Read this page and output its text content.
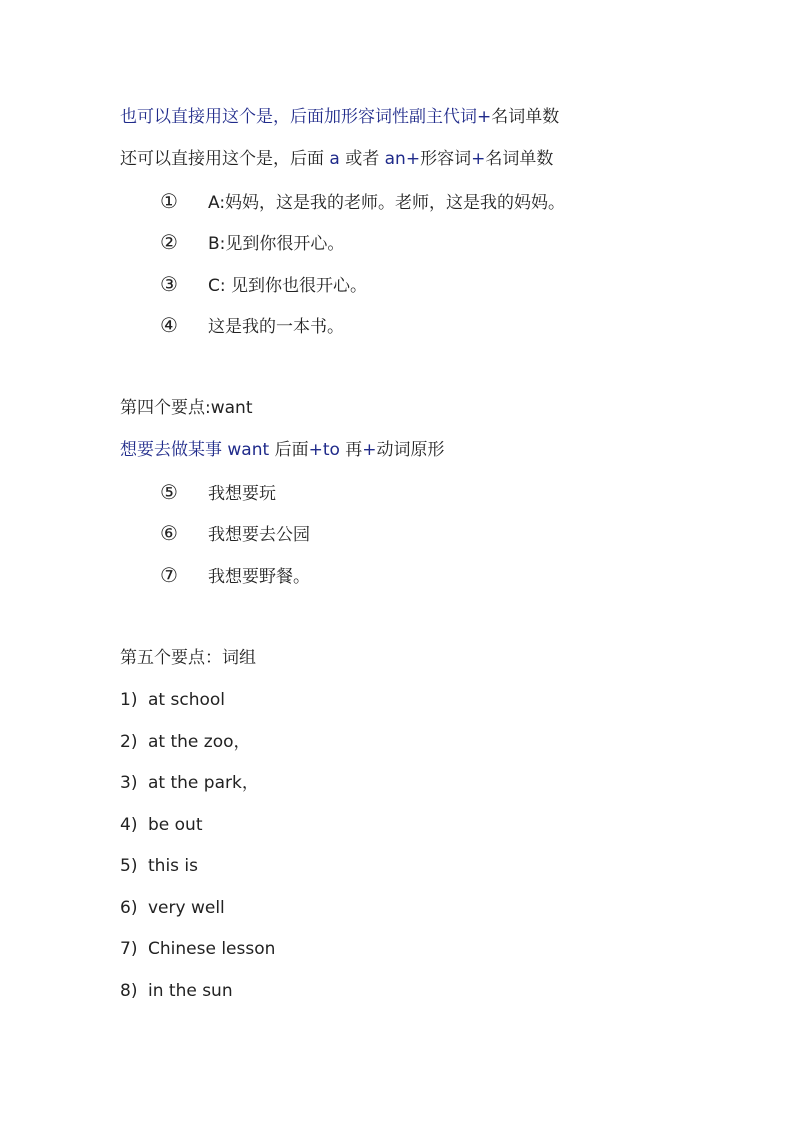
也可以直接用这个是，后面加形容词性副主代词+名词单数
还可以直接用这个是，后面 a 或者 an+形容词+名词单数
① A:妈妈，这是我的老师。老师，这是我的妈妈。
② B:见到你很开心。
③ C: 见到你也很开心。
④ 这是我的一本书。
第四个要点:want
想要去做某事 want 后面+to 再+动词原形
⑤ 我想要玩
⑥ 我想要去公园
⑦ 我想要野餐。
第五个要点：词组
1) at school
2) at the zoo，
3) at the park，
4) be out
5) this is
6) very well
7) Chinese lesson
8) in the sun
